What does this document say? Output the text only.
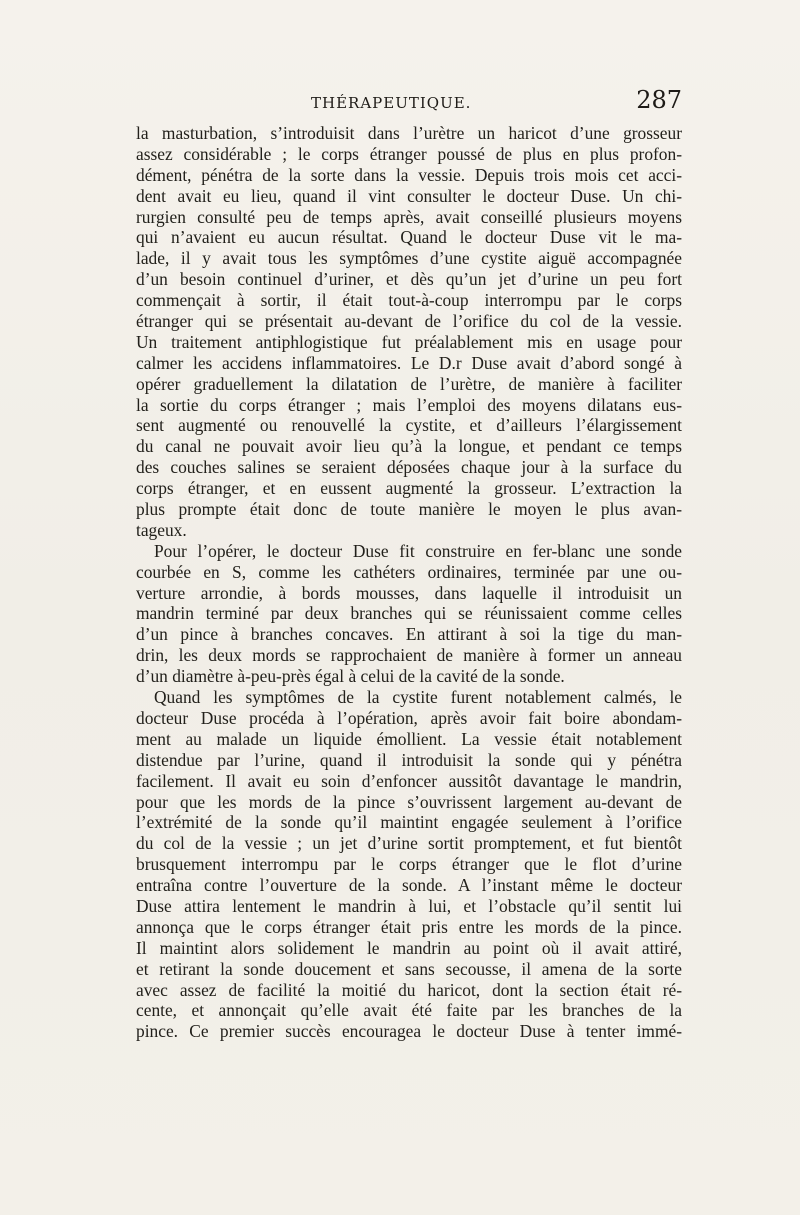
THÉRAPEUTIQUE.	287
la masturbation, s’introduisit dans l’urètre un haricot d’une grosseur
assez considérable ; le corps étranger poussé de plus en plus profon-
dément, pénétra de la sorte dans la vessie. Depuis trois mois cet acci-
dent avait eu lieu, quand il vint consulter le docteur Duse. Un chi-
rurgien consulté peu de temps après, avait conseillé plusieurs moyens
qui n’avaient eu aucun résultat. Quand le docteur Duse vit le ma-
lade, il y avait tous les symptômes d’une cystite aiguë accompagnée
d’un besoin continuel d’uriner, et dès qu’un jet d’urine un peu fort
commençait à sortir, il était tout-à-coup interrompu par le corps
étranger qui se présentait au-devant de l’orifice du col de la vessie.
Un traitement antiphlogistique fut préalablement mis en usage pour
calmer les accidens inflammatoires. Le D.r Duse avait d’abord songé à
opérer graduellement la dilatation de l’urètre, de manière à faciliter
la sortie du corps étranger ; mais l’emploi des moyens dilatans eus-
sent augmenté ou renouvellé la cystite, et d’ailleurs l’élargissement
du canal ne pouvait avoir lieu qu’à la longue, et pendant ce temps
des couches salines se seraient déposées chaque jour à la surface du
corps étranger, et en eussent augmenté la grosseur. L’extraction la
plus prompte était donc de toute manière le moyen le plus avan-
tageux.
Pour l’opérer, le docteur Duse fit construire en fer-blanc une sonde
courbée en S, comme les cathéters ordinaires, terminée par une ou-
verture arrondie, à bords mousses, dans laquelle il introduisit un
mandrin terminé par deux branches qui se réunissaient comme celles
d’un pince à branches concaves. En attirant à soi la tige du man-
drin, les deux mords se rapprochaient de manière à former un anneau
d’un diamètre à-peu-près égal à celui de la cavité de la sonde.
Quand les symptômes de la cystite furent notablement calmés, le
docteur Duse procéda à l’opération, après avoir fait boire abondam-
ment au malade un liquide émollient. La vessie était notablement
distendue par l’urine, quand il introduisit la sonde qui y pénétra
facilement. Il avait eu soin d’enfoncer aussitôt davantage le mandrin,
pour que les mords de la pince s’ouvrissent largement au-devant de
l’extrémité de la sonde qu’il maintint engagée seulement à l’orifice
du col de la vessie ; un jet d’urine sortit promptement, et fut bientôt
brusquement interrompu par le corps étranger que le flot d’urine
entraîna contre l’ouverture de la sonde. A l’instant même le docteur
Duse attira lentement le mandrin à lui, et l’obstacle qu’il sentit lui
annonça que le corps étranger était pris entre les mords de la pince.
Il maintint alors solidement le mandrin au point où il avait attiré,
et retirant la sonde doucement et sans secousse, il amena de la sorte
avec assez de facilité la moitié du haricot, dont la section était ré-
cente, et annonçait qu’elle avait été faite par les branches de la
pince. Ce premier succès encouragea le docteur Duse à tenter immé-
